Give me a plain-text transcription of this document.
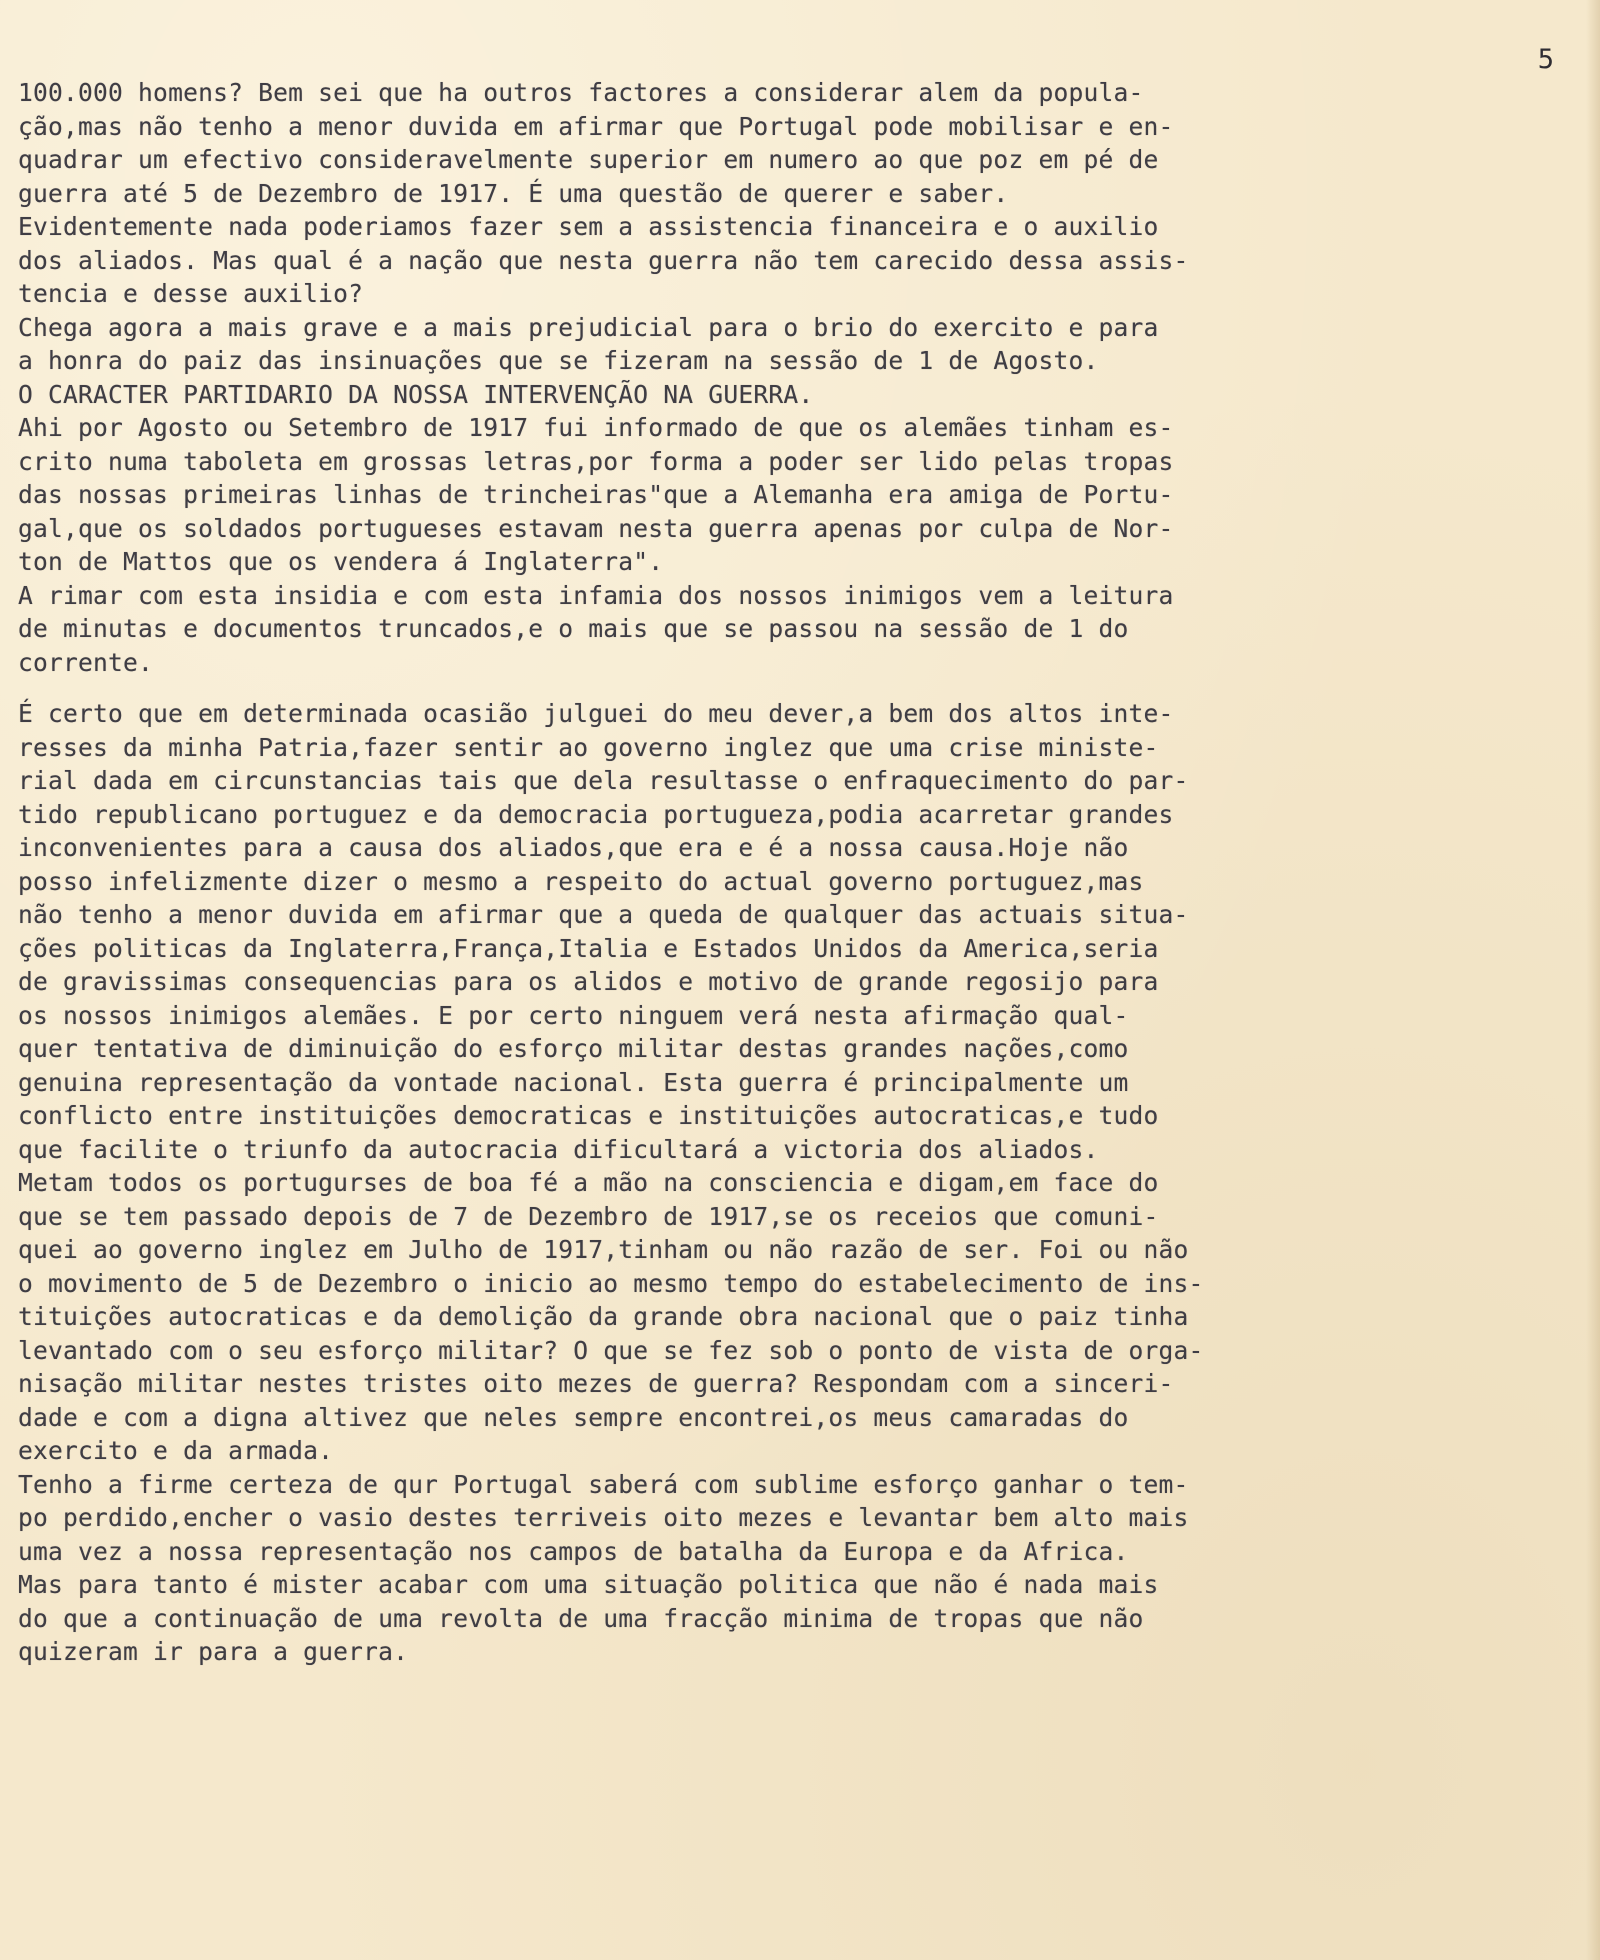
5
100.000 homens? Bem sei que ha outros factores a considerar alem da popula-
ção,mas não tenho a menor duvida em afirmar que Portugal pode mobilisar e en-
quadrar um efectivo consideravelmente superior em numero ao que poz em pé de
guerra até 5 de Dezembro de 1917. É uma questão de querer e saber.
Evidentemente nada poderiamos fazer sem a assistencia financeira e o auxilio
dos aliados. Mas qual é a nação que nesta guerra não tem carecido dessa assis-
tencia e desse auxilio?
Chega agora a mais grave e a mais prejudicial para o brio do exercito e para
a honra do paiz das insinuações que se fizeram na sessão de 1 de Agosto.
O CARACTER PARTIDARIO DA NOSSA INTERVENÇÃO NA GUERRA.
Ahi por Agosto ou Setembro de 1917 fui informado de que os alemães tinham es-
crito numa taboleta em grossas letras,por forma a poder ser lido pelas tropas
das nossas primeiras linhas de trincheiras"que a Alemanha era amiga de Portu-
gal,que os soldados portugueses estavam nesta guerra apenas por culpa de Nor-
ton de Mattos que os vendera á Inglaterra".
A rimar com esta insidia e com esta infamia dos nossos inimigos vem a leitura
de minutas e documentos truncados,e o mais que se passou na sessão de 1 do
corrente.
É certo que em determinada ocasião julguei do meu dever,a bem dos altos inte-
resses da minha Patria,fazer sentir ao governo inglez que uma crise ministe-
rial dada em circunstancias tais que dela resultasse o enfraquecimento do par-
tido republicano portuguez e da democracia portugueza,podia acarretar grandes
inconvenientes para a causa dos aliados,que era e é a nossa causa.Hoje não
posso infelizmente dizer o mesmo a respeito do actual governo portuguez,mas
não tenho a menor duvida em afirmar que a queda de qualquer das actuais situa-
ções politicas da Inglaterra,França,Italia e Estados Unidos da America,seria
de gravissimas consequencias para os alidos e motivo de grande regosijo para
os nossos inimigos alemães. E por certo ninguem verá nesta afirmação qual-
quer tentativa de diminuição do esforço militar destas grandes nações,como
genuina representação da vontade nacional. Esta guerra é principalmente um
conflicto entre instituições democraticas e instituições autocraticas,e tudo
que facilite o triunfo da autocracia dificultará a victoria dos aliados.
Metam todos os portugurses de boa fé a mão na consciencia e digam,em face do
que se tem passado depois de 7 de Dezembro de 1917,se os receios que comuni-
quei ao governo inglez em Julho de 1917,tinham ou não razão de ser. Foi ou não
o movimento de 5 de Dezembro o inicio ao mesmo tempo do estabelecimento de ins-
tituições autocraticas e da demolição da grande obra nacional que o paiz tinha
levantado com o seu esforço militar? O que se fez sob o ponto de vista de orga-
nisação militar nestes tristes oito mezes de guerra? Respondam com a sinceri-
dade e com a digna altivez que neles sempre encontrei,os meus camaradas do
exercito e da armada.
Tenho a firme certeza de qur Portugal saberá com sublime esforço ganhar o tem-
po perdido,encher o vasio destes terriveis oito mezes e levantar bem alto mais
uma vez a nossa representação nos campos de batalha da Europa e da Africa.
Mas para tanto é mister acabar com uma situação politica que não é nada mais
do que a continuação de uma revolta de uma fracção minima de tropas que não
quizeram ir para a guerra.
